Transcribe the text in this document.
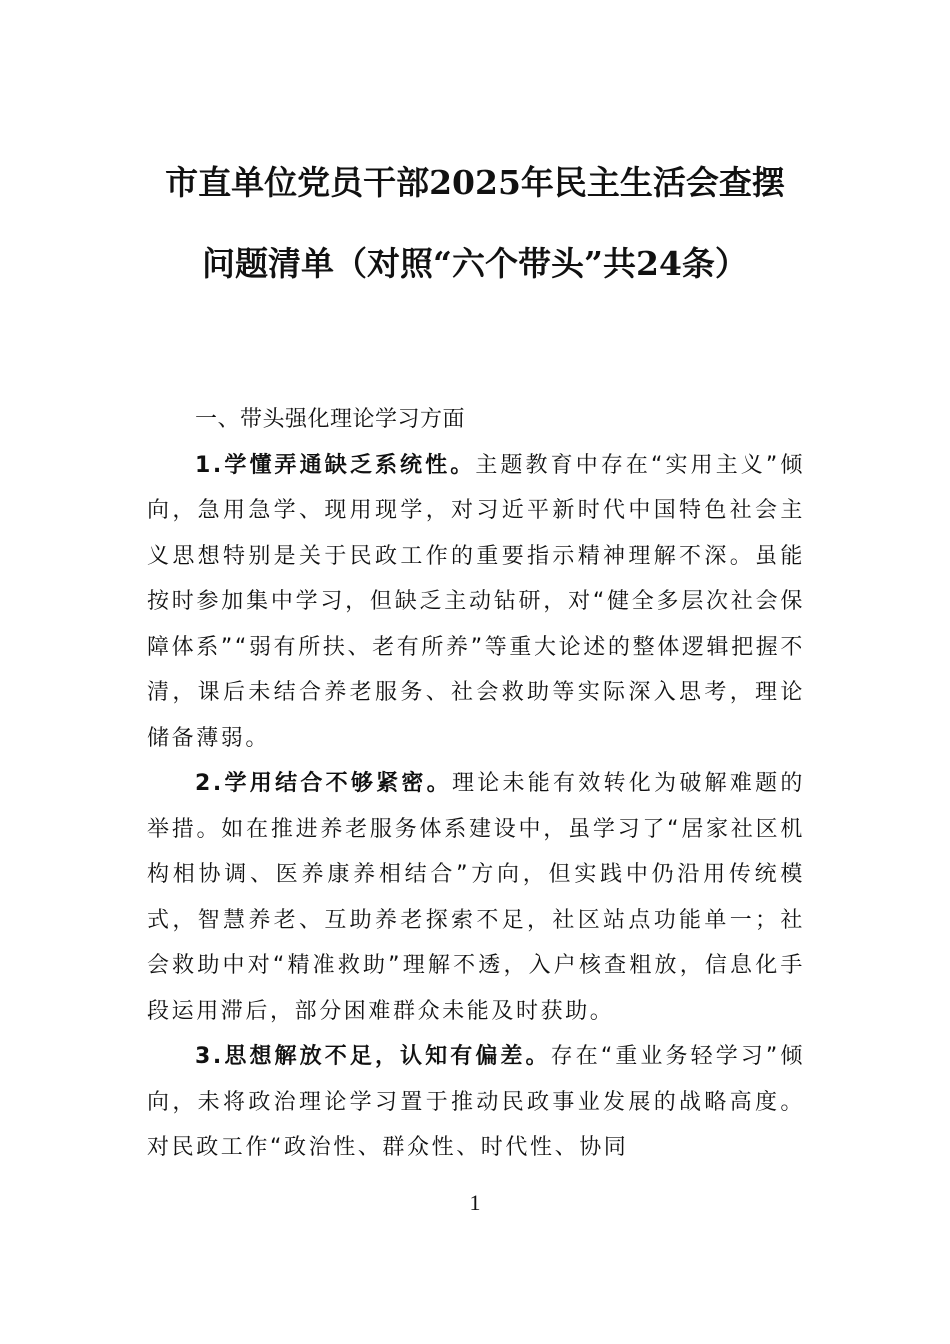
市直单位党员干部2025年民主生活会查摆
问题清单（对照“六个带头”共24条）

一、带头强化理论学习方面

1.学懂弄通缺乏系统性。主题教育中存在“实用主义”倾向，急用急学、现用现学，对习近平新时代中国特色社会主义思想特别是关于民政工作的重要指示精神理解不深。虽能按时参加集中学习，但缺乏主动钻研，对“健全多层次社会保障体系”“弱有所扶、老有所养”等重大论述的整体逻辑把握不清，课后未结合养老服务、社会救助等实际深入思考，理论储备薄弱。

2.学用结合不够紧密。理论未能有效转化为破解难题的举措。如在推进养老服务体系建设中，虽学习了“居家社区机构相协调、医养康养相结合”方向，但实践中仍沿用传统模式，智慧养老、互助养老探索不足，社区站点功能单一；社会救助中对“精准救助”理解不透，入户核查粗放，信息化手段运用滞后，部分困难群众未能及时获助。

3.思想解放不足，认知有偏差。存在“重业务轻学习”倾向，未将政治理论学习置于推动民政事业发展的战略高度。对民政工作“政治性、群众性、时代性、协同

1
